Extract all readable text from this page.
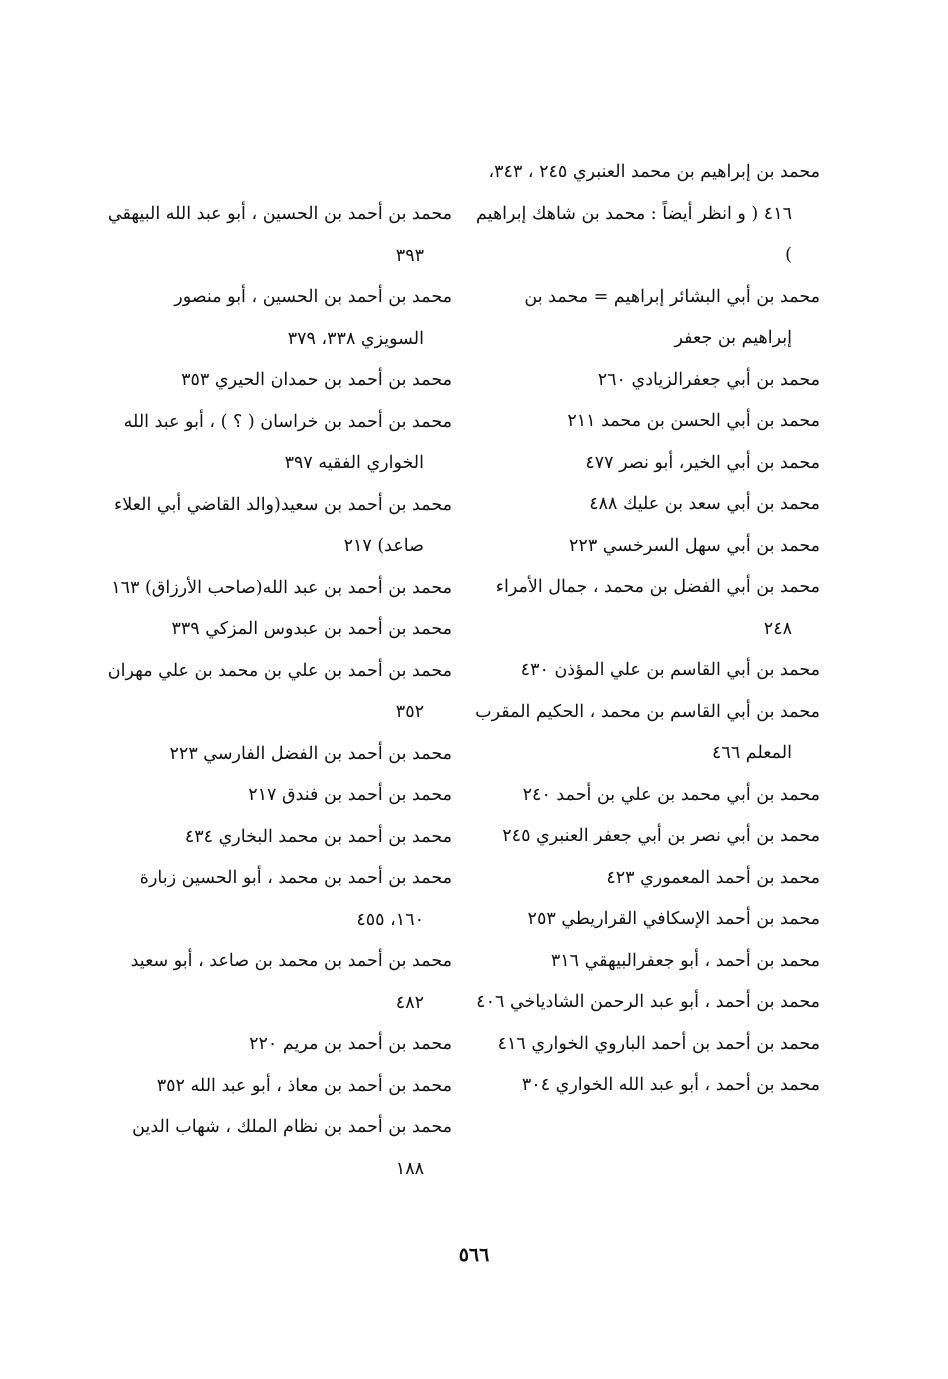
محمد بن إبراهيم بن محمد العنبري ٢٤٥ ، ٣٤٣، ٤١٦ ( و انظر أيضاً : محمد بن شاهك إبراهيم )

محمد بن أبي البشائر إبراهيم = محمد بن إبراهيم بن جعفر

محمد بن أبي جعفرالزيادي ٢٦٠

محمد بن أبي الحسن بن محمد ٢١١

محمد بن أبي الخير، أبو نصر ٤٧٧

محمد بن أبي سعد بن عليك ٤٨٨

محمد بن أبي سهل السرخسي ٢٢٣

محمد بن أبي الفضل بن محمد ، جمال الأمراء ٢٤٨

محمد بن أبي القاسم بن علي المؤذن ٤٣٠

محمد بن أبي القاسم بن محمد ، الحكيم المقرب المعلم ٤٦٦

محمد بن أبي محمد بن علي بن أحمد ٢٤٠

محمد بن أبي نصر بن أبي جعفر العنبري ٢٤٥

محمد بن أحمد المعموري ٤٢٣

محمد بن أحمد الإسكافي القراريطي ٢٥٣

محمد بن أحمد ، أبو جعفرالبيهقي ٣١٦

محمد بن أحمد ، أبو عبد الرحمن الشادياخي ٤٠٦

محمد بن أحمد بن أحمد الباروي الخواري ٤١٦

محمد بن أحمد ، أبو عبد الله الخواري ٣٠٤

محمد بن أحمد بن الحسين ، أبو عبد الله البيهقي ٣٩٣

محمد بن أحمد بن الحسين ، أبو منصور السويزي ٣٣٨، ٣٧٩

محمد بن أحمد بن حمدان الحيري ٣٥٣

محمد بن أحمد بن خراسان ( ؟ ) ، أبو عبد الله الخواري الفقيه ٣٩٧

محمد بن أحمد بن سعيد(والد القاضي أبي العلاء صاعد) ٢١٧

محمد بن أحمد بن عبد الله(صاحب الأرزاق) ١٦٣

محمد بن أحمد بن عبدوس المزكي ٣٣٩

محمد بن أحمد بن علي بن محمد بن علي مهران ٣٥٢

محمد بن أحمد بن الفضل الفارسي ٢٢٣

محمد بن أحمد بن فندق ٢١٧

محمد بن أحمد بن محمد البخاري ٤٣٤

محمد بن أحمد بن محمد ، أبو الحسين زبارة ١٦٠، ٤٥٥

محمد بن أحمد بن محمد بن صاعد ، أبو سعيد ٤٨٢

محمد بن أحمد بن مريم ٢٢٠

محمد بن أحمد بن معاذ ، أبو عبد الله ٣٥٢

محمد بن أحمد بن نظام الملك ، شهاب الدين ١٨٨

٥٦٦
